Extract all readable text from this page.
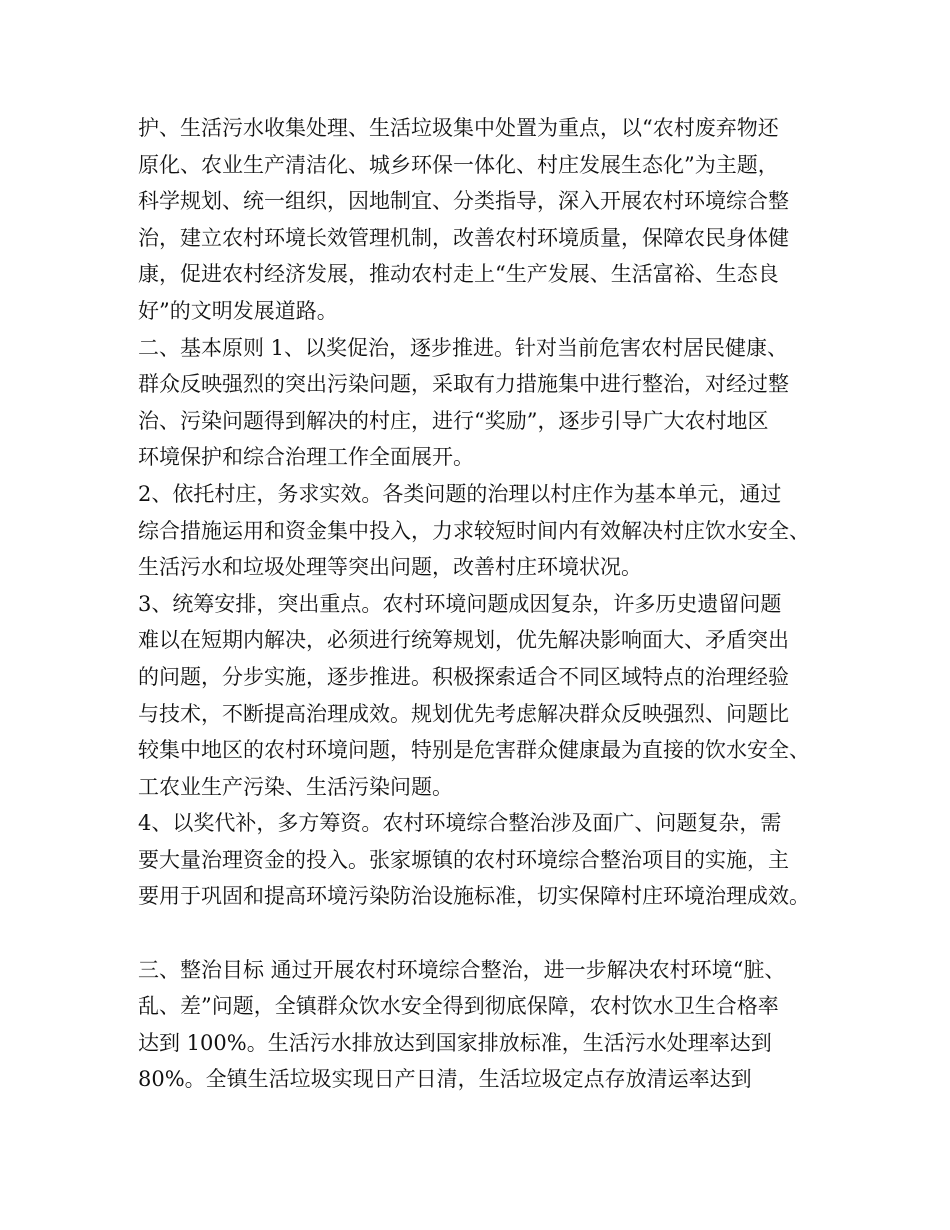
护、生活污水收集处理、生活垃圾集中处置为重点，以“农村废弃物还
原化、农业生产清洁化、城乡环保一体化、村庄发展生态化”为主题，
科学规划、统一组织，因地制宜、分类指导，深入开展农村环境综合整
治，建立农村环境长效管理机制，改善农村环境质量，保障农民身体健
康，促进农村经济发展，推动农村走上“生产发展、生活富裕、生态良
好”的文明发展道路。
二、基本原则 1、以奖促治，逐步推进。针对当前危害农村居民健康、
群众反映强烈的突出污染问题，采取有力措施集中进行整治，对经过整
治、污染问题得到解决的村庄，进行“奖励”，逐步引导广大农村地区
环境保护和综合治理工作全面展开。
2、依托村庄，务求实效。各类问题的治理以村庄作为基本单元，通过
综合措施运用和资金集中投入，力求较短时间内有效解决村庄饮水安全、
生活污水和垃圾处理等突出问题，改善村庄环境状况。
3、统筹安排，突出重点。农村环境问题成因复杂，许多历史遗留问题
难以在短期内解决，必须进行统筹规划，优先解决影响面大、矛盾突出
的问题，分步实施，逐步推进。积极探索适合不同区域特点的治理经验
与技术，不断提高治理成效。规划优先考虑解决群众反映强烈、问题比
较集中地区的农村环境问题，特别是危害群众健康最为直接的饮水安全、
工农业生产污染、生活污染问题。
4、以奖代补，多方筹资。农村环境综合整治涉及面广、问题复杂，需
要大量治理资金的投入。张家塬镇的农村环境综合整治项目的实施，主
要用于巩固和提高环境污染防治设施标准，切实保障村庄环境治理成效。
三、整治目标 通过开展农村环境综合整治，进一步解决农村环境“脏、
乱、差”问题，全镇群众饮水安全得到彻底保障，农村饮水卫生合格率
达到 100%。生活污水排放达到国家排放标准，生活污水处理率达到
80%。全镇生活垃圾实现日产日清，生活垃圾定点存放清运率达到
